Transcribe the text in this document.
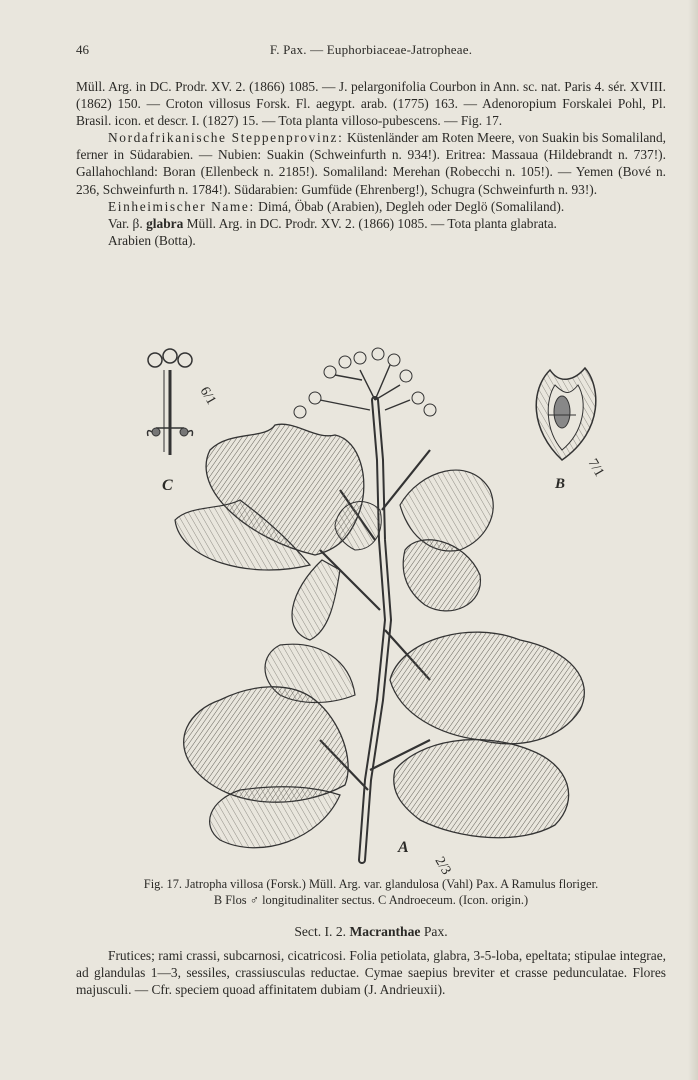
46	F. Pax. — Euphorbiaceae-Jatropheae.

Müll. Arg. in DC. Prodr. XV. 2. (1866) 1085. — J. pelargonifolia Courbon in Ann. sc. nat. Paris 4. sér. XVIII. (1862) 150. — Croton villosus Forsk. Fl. aegypt. arab. (1775) 163. — Adenoropium Forskalei Pohl, Pl. Brasil. icon. et descr. I. (1827) 15. — Tota planta villoso-pubescens. — Fig. 17.

Nordafrikanische Steppenprovinz: Küstenländer am Roten Meere, von Suakin bis Somaliland, ferner in Südarabien. — Nubien: Suakin (Schweinfurth n. 934!). Eritrea: Massaua (Hildebrandt n. 737!). Gallahochland: Boran (Ellenbeck n. 2185!). Somaliland: Merehan (Robecchi n. 105!). — Yemen (Bové n. 236, Schweinfurth n. 1784!). Südarabien: Gumfüde (Ehrenberg!), Schugra (Schweinfurth n. 93!).

Einheimischer Name: Dimá, Öbab (Arabien), Degleh oder Deglö (Somaliland).

Var. β. glabra Müll. Arg. in DC. Prodr. XV. 2. (1866) 1085. — Tota planta glabrata.

Arabien (Botta).

6/1
C
7/1
B
A
2/3
Fig. 17. Jatropha villosa (Forsk.) Müll. Arg. var. glandulosa (Vahl) Pax. A Ramulus floriger.
B Flos ♂ longitudinaliter sectus. C Androeceum. (Icon. origin.)
Sect. I. 2. Macranthae Pax.

Frutices; rami crassi, subcarnosi, cicatricosi. Folia petiolata, glabra, 3-5-loba, epeltata; stipulae integrae, ad glandulas 1—3, sessiles, crassiusculas reductae. Cymae saepius breviter et crasse pedunculatae. Flores majusculi. — Cfr. speciem quoad affinitatem dubiam (J. Andrieuxii).
